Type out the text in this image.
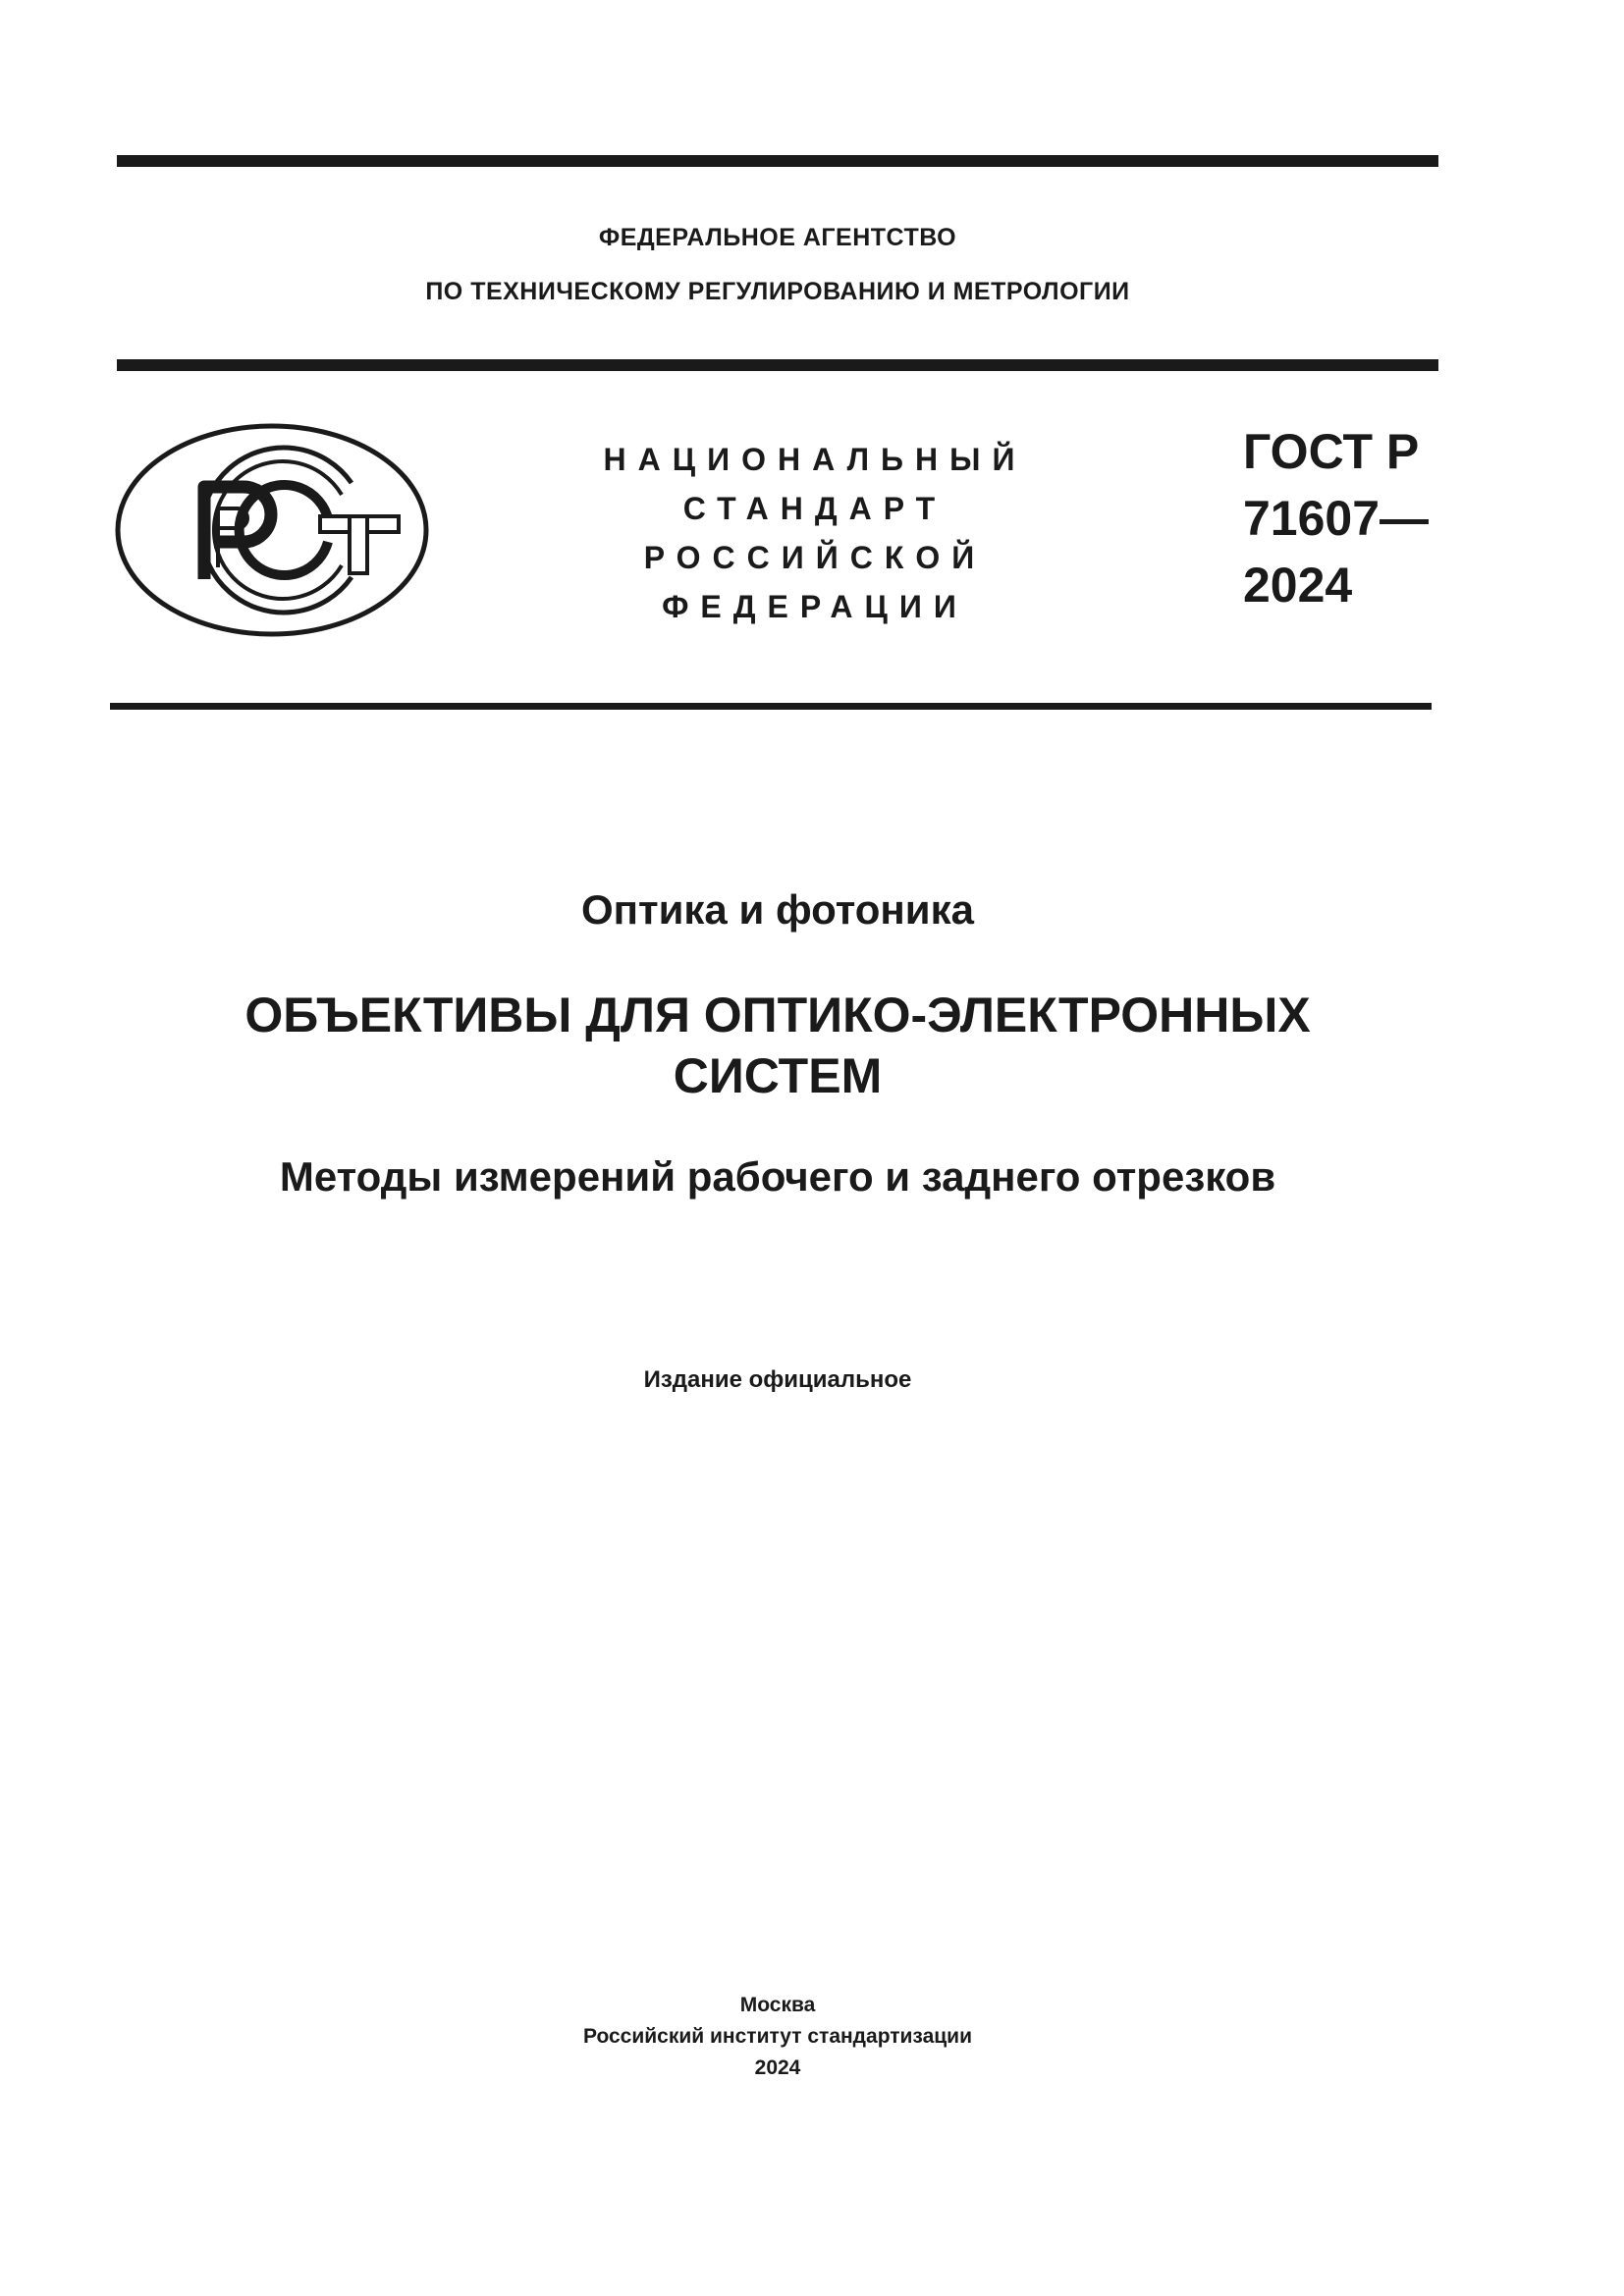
ФЕДЕРАЛЬНОЕ АГЕНТСТВО
ПО ТЕХНИЧЕСКОМУ РЕГУЛИРОВАНИЮ И МЕТРОЛОГИИ
НАЦИОНАЛЬНЫЙ
СТАНДАРТ
РОССИЙСКОЙ
ФЕДЕРАЦИИ
ГОСТ Р
71607—
2024
Оптика и фотоника
ОБЪЕКТИВЫ ДЛЯ ОПТИКО-ЭЛЕКТРОННЫХ
СИСТЕМ
Методы измерений рабочего и заднего отрезков
Издание официальное
Москва
Российский институт стандартизации
2024
